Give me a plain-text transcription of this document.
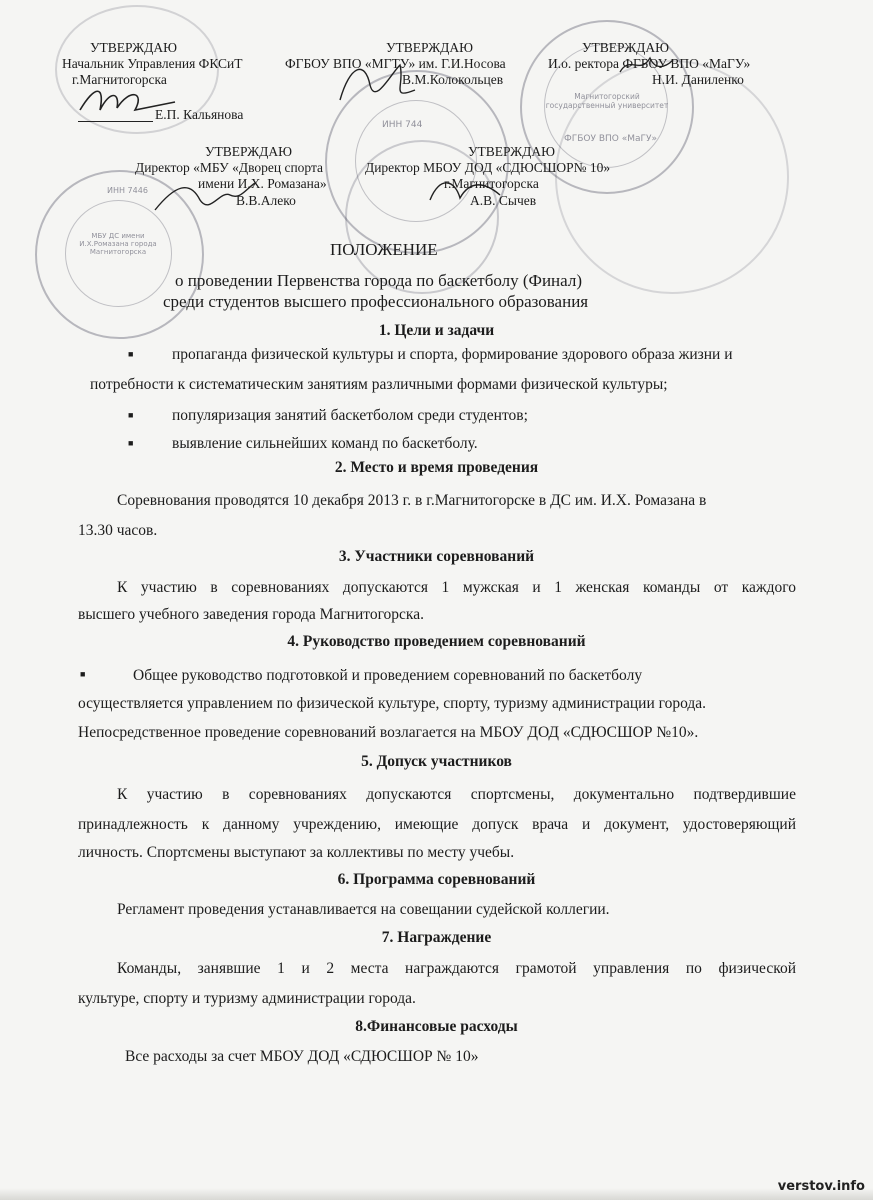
Магнитогорский государственный университет
ФГБОУ ВПО «МаГУ»
ИНН 744
МБУ ДС имени И.Х.Ромазана города Магнитогорска
ИНН 7446
УТВЕРЖДАЮ
Начальник Управления ФКСиТ
г.Магнитогорска
Е.П. Кальянова
УТВЕРЖДАЮ
ФГБОУ ВПО «МГТУ» им. Г.И.Носова
В.М.Колокольцев
УТВЕРЖДАЮ
И.о. ректора ФГБОУ ВПО «МаГУ»
Н.И. Даниленко
УТВЕРЖДАЮ
Директор «МБУ «Дворец спорта
имени И.Х. Ромазана»
В.В.Алеко
УТВЕРЖДАЮ
Директор МБОУ ДОД «СДЮСШОР№ 10»
г.Магнитогорска
А.В. Сычев
ПОЛОЖЕНИЕ
о проведении Первенства города по баскетболу (Финал)
среди студентов высшего профессионального образования
1. Цели и задачи
■ пропаганда физической культуры и спорта, формирование здорового образа жизни и
потребности к систематическим занятиям различными формами физической культуры;
■ популяризация занятий баскетболом среди студентов;
■ выявление сильнейших команд по баскетболу.
2. Место и время проведения
Соревнования проводятся 10 декабря 2013 г. в г.Магнитогорске в ДС им. И.Х. Ромазана в
13.30 часов.
3. Участники соревнований
К участию в соревнованиях допускаются 1 мужская и 1 женская команды от каждого
высшего учебного заведения города Магнитогорска.
4. Руководство проведением соревнований
■	Общее руководство подготовкой и проведением соревнований по баскетболу
осуществляется управлением по физической культуре, спорту, туризму администрации города.
Непосредственное проведение соревнований возлагается на МБОУ ДОД «СДЮСШОР №10».
5. Допуск участников
К участию в соревнованиях допускаются спортсмены, документально подтвердившие
принадлежность к данному учреждению, имеющие допуск врача и документ, удостоверяющий
личность. Спортсмены выступают за коллективы по месту учебы.
6. Программа соревнований
Регламент проведения устанавливается на совещании судейской коллегии.
7. Награждение
Команды, занявшие 1 и 2 места награждаются грамотой управления по физической
культуре, спорту и туризму администрации города.
8.Финансовые расходы
Все расходы за счет МБОУ ДОД «СДЮСШОР № 10»
verstov.info
